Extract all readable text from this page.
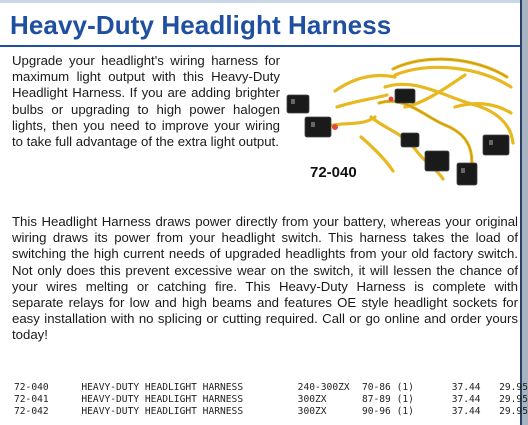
Heavy-Duty Headlight Harness
Upgrade your headlight's wiring harness for maximum light output with this Heavy-Duty Headlight Harness. If you are adding brighter bulbs or upgrading to high power halogen lights, then you need to improve your wiring to take full advantage of the extra light output.
72-040
This Headlight Harness draws power directly from your battery, whereas your original wiring draws its power from your headlight switch. This harness takes the load of switching the high current needs of upgraded headlights from your old factory switch. Not only does this prevent excessive wear on the switch, it will lessen the chance of your wires melting or catching fire. This Heavy-Duty Harness is complete with separate relays for low and high beams and features OE style headlight sockets for easy installation with no splicing or cutting required. Call or go online and order yours today!
72-040	HEAVY-DUTY HEADLIGHT HARNESS	240-300ZX	70-86 (1)	37.44	29.95
72-041	HEAVY-DUTY HEADLIGHT HARNESS	300ZX	87-89 (1)	37.44	29.95
72-042	HEAVY-DUTY HEADLIGHT HARNESS	300ZX	90-96 (1)	37.44	29.95
